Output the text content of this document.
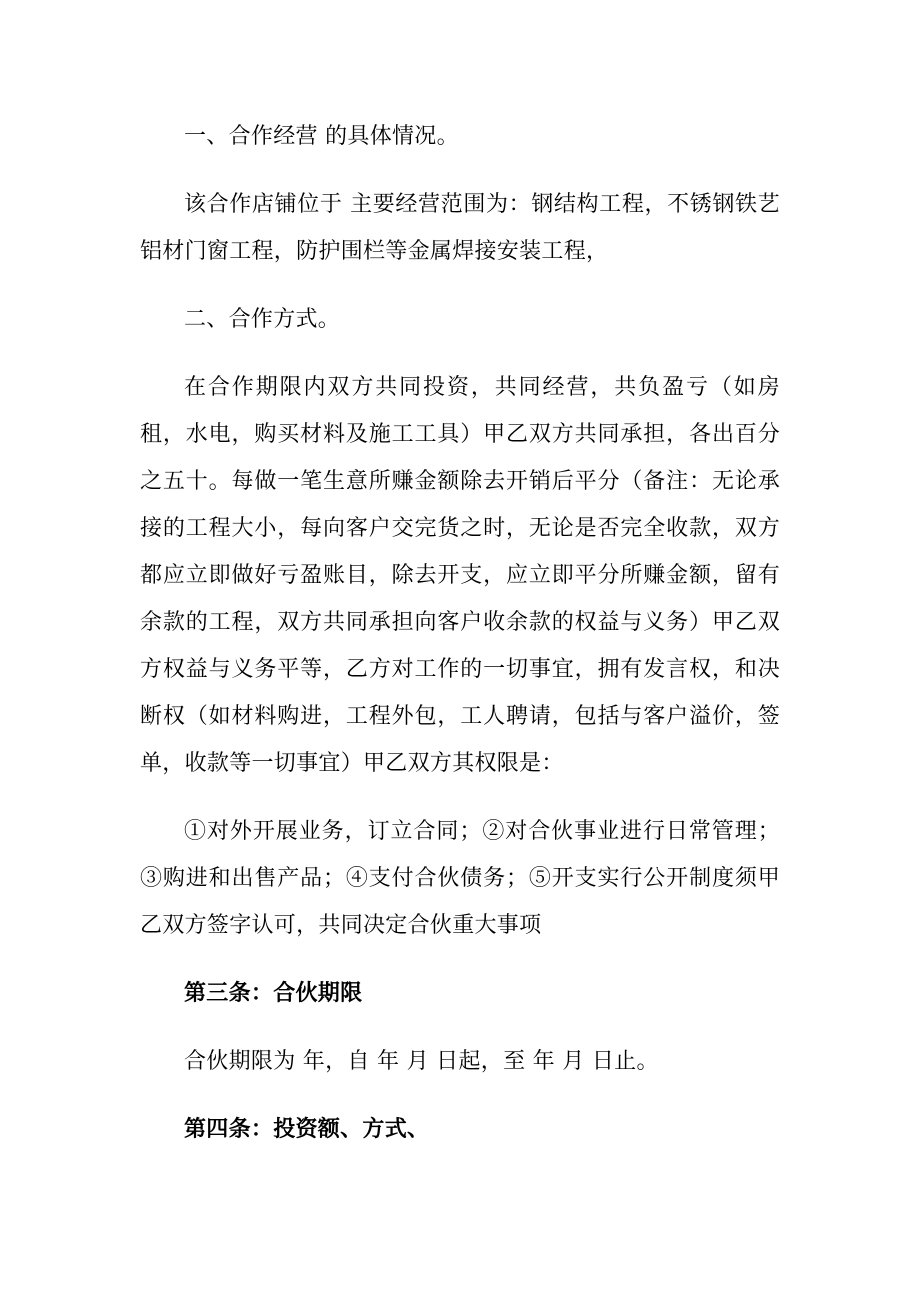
一、合作经营 的具体情况。

该合作店铺位于 主要经营范围为：钢结构工程，不锈钢铁艺铝材门窗工程，防护围栏等金属焊接安装工程，

二、合作方式。

在合作期限内双方共同投资，共同经营，共负盈亏（如房租，水电，购买材料及施工工具）甲乙双方共同承担，各出百分之五十。每做一笔生意所赚金额除去开销后平分（备注：无论承接的工程大小，每向客户交完货之时，无论是否完全收款，双方都应立即做好亏盈账目，除去开支，应立即平分所赚金额，留有余款的工程，双方共同承担向客户收余款的权益与义务）甲乙双方权益与义务平等，乙方对工作的一切事宜，拥有发言权，和决断权（如材料购进，工程外包，工人聘请，包括与客户溢价，签单，收款等一切事宜）甲乙双方其权限是：

①对外开展业务，订立合同；②对合伙事业进行日常管理；③购进和出售产品；④支付合伙债务；⑤开支实行公开制度须甲乙双方签字认可，共同决定合伙重大事项

第三条：合伙期限

合伙期限为 年，自 年 月 日起，至 年 月 日止。

第四条：投资额、方式、
